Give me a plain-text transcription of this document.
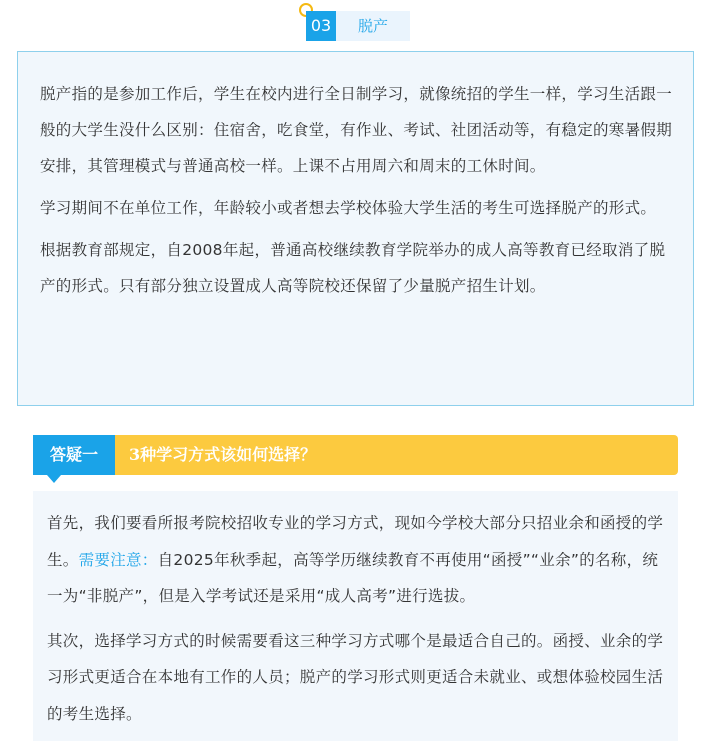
03	脱产

脱产指的是参加工作后，学生在校内进行全日制学习，就像统招的学生一样，学习生活跟一般的大学生没什么区别：住宿舍，吃食堂，有作业、考试、社团活动等，有稳定的寒暑假期安排，其管理模式与普通高校一样。上课不占用周六和周末的工休时间。

学习期间不在单位工作，年龄较小或者想去学校体验大学生活的考生可选择脱产的形式。

根据教育部规定，自2008年起，普通高校继续教育学院举办的成人高等教育已经取消了脱产的形式。只有部分独立设置成人高等院校还保留了少量脱产招生计划。

答疑一	3种学习方式该如何选择？

首先，我们要看所报考院校招收专业的学习方式，现如今学校大部分只招业余和函授的学生。需要注意：自2025年秋季起，高等学历继续教育不再使用“函授”“业余”的名称，统一为“非脱产”，但是入学考试还是采用“成人高考”进行选拔。

其次，选择学习方式的时候需要看这三种学习方式哪个是最适合自己的。函授、业余的学习形式更适合在本地有工作的人员；脱产的学习形式则更适合未就业、或想体验校园生活的考生选择。
